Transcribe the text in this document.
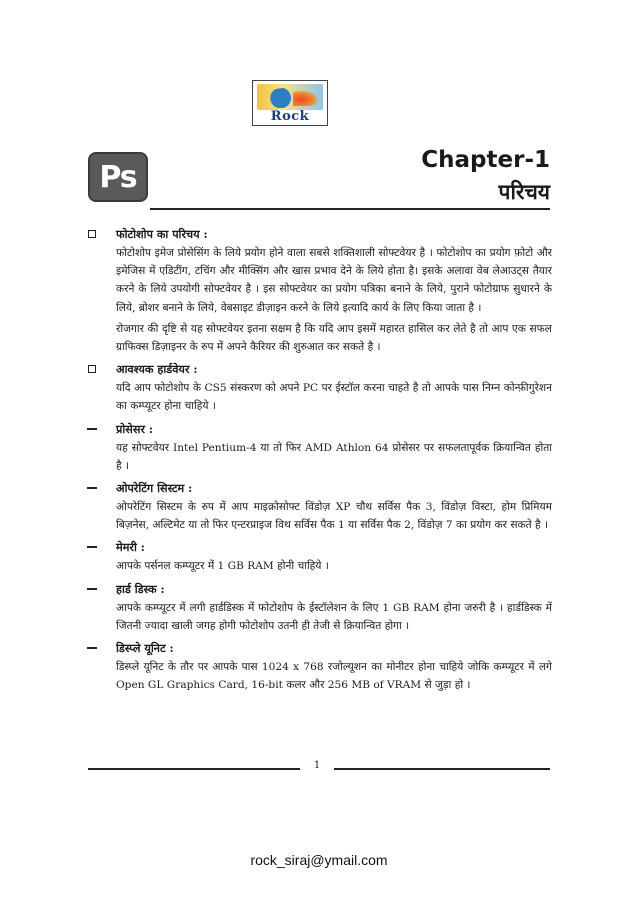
Rock
Ps	Chapter-1
परिचय
फोटोशोप का परिचय :

फोटोशोप इमेज प्रोसेसिंग के लिये प्रयोग होने वाला सबसे शक्तिशाली सोफ्टवेयर है । फोटोशोप का प्रयोग फ़ोटो और इमेजिस में एडिटींग, टचिंग और मीक्सिंग और खास प्रभाव देने के लिये होता है। इसके अलावा वेब लेआउट्स तैयार करने के लिये उपयोगी सोफ्टवेयर है । इस सोफ्टवेयर का प्रयोग पत्रिका बनाने के लिये, पुराने फोटोग्राफ सुधारने के लिये, ब्रोशर बनाने के लिये, वेबसाइट डीज़ाइन करने के लिये इत्यादि कार्य के लिए किया जाता है ।

रोजगार की दृष्टि से यह सोफ्टवेयर इतना सक्षम है कि यदि आप इसमें महारत हासिल कर लेते है तो आप एक सफल ग्राफिक्स डिज़ाइनर के रुप में अपने कैरियर की शुरुआत कर सकते है ।

आवश्यक हार्डवेयर :

यदि आप फोटोशोप के CS5 संस्करण को अपने PC पर ईस्टॉल करना चाहते है तो आपके पास निम्न कोन्फ़ीगुरेशन का कम्प्यूटर होना चाहिये ।

प्रोसेसर :

यह सोफ्टवेयर Intel Pentium-4 या तो फिर AMD Athlon 64 प्रोसेसर पर सफलतापूर्वक क्रियान्वित होता है ।

ओपरेटिंग सिस्टम :

ओपरेटिंग सिस्टम के रुप में आप माइक्रोसोफ्ट विंडोज़ XP चौथ सर्विस पैक 3, विंडोज़ विस्टा, होम प्रिमियम बिज़नेस, अल्टिमेट या तो फिर एन्टरप्राइज विथ सर्विस पैक 1 या सर्विस पैक 2, विंडोज़ 7 का प्रयोग कर सकते है ।

मेमरी :

आपके पर्सनल कम्प्यूटर में 1 GB RAM होनी चाहिये ।

हार्ड डिस्क :

आपके कम्प्यूटर में लगी हार्डडिस्क में फोटोशोप के ईस्टॉलेशन के लिए 1 GB RAM होना जरुरी है । हार्डडिस्क में जितनी ज्यादा खाली जगह होगी फोटोशोप उतनी ही तेजी से क्रियान्वित होगा ।

डिस्प्ले यूनिट :

डिस्प्ले यूनिट के तौर पर आपके पास 1024 x 768 रजोल्यूशन का मोनीटर होना चाहिये जोकि कम्प्यूटर में लगे Open GL Graphics Card, 16-bit कलर और 256 MB of VRAM से जुड़ा हो ।

1
rock_siraj@ymail.com
